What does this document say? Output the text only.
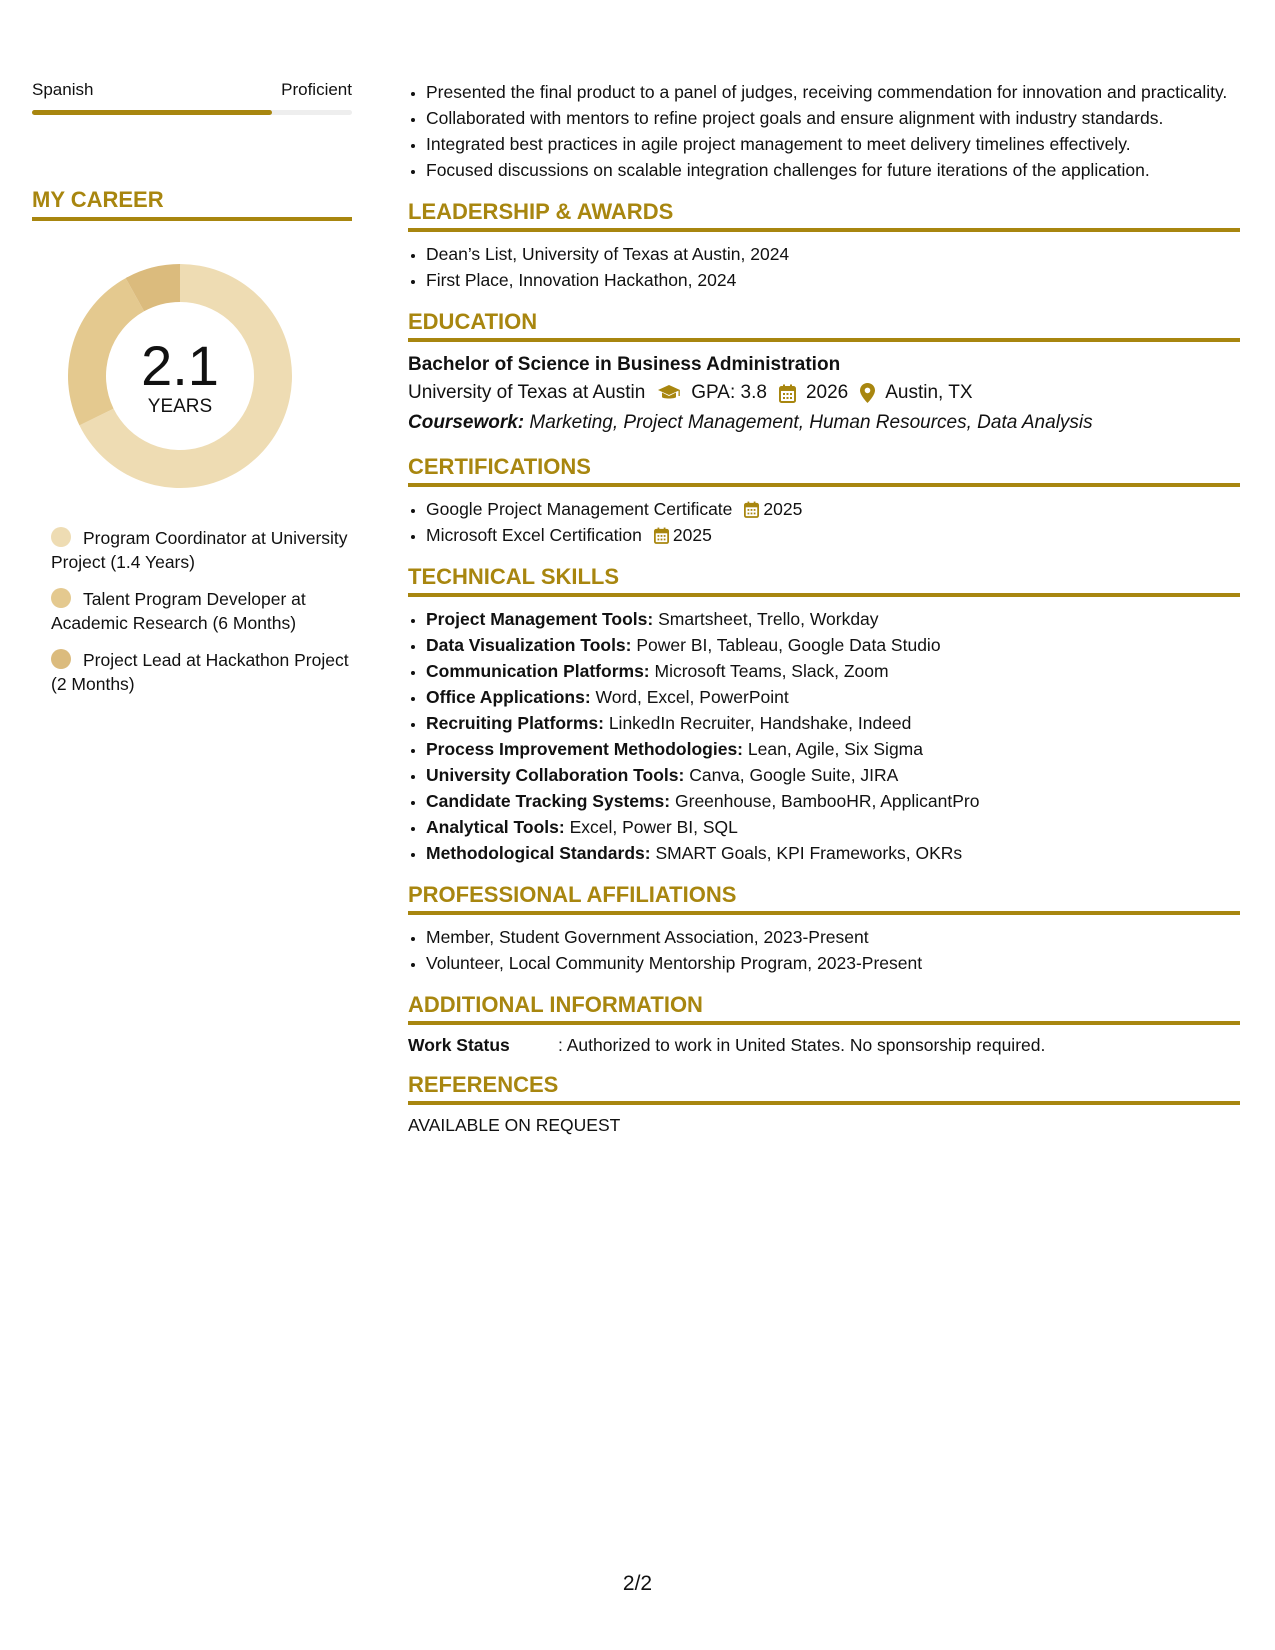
Spanish	Proficient
MY CAREER
2.1
YEARS
Program Coordinator at University Project (1.4 Years)
Talent Program Developer at Academic Research (6 Months)
Project Lead at Hackathon Project (2 Months)
• Presented the final product to a panel of judges, receiving commendation for innovation and practicality.
• Collaborated with mentors to refine project goals and ensure alignment with industry standards.
• Integrated best practices in agile project management to meet delivery timelines effectively.
• Focused discussions on scalable integration challenges for future iterations of the application.
LEADERSHIP & AWARDS
• Dean’s List, University of Texas at Austin, 2024
• First Place, Innovation Hackathon, 2024
EDUCATION
Bachelor of Science in Business Administration
University of Texas at Austin GPA: 3.8 2026 Austin, TX
Coursework: Marketing, Project Management, Human Resources, Data Analysis
CERTIFICATIONS
• Google Project Management Certificate 2025
• Microsoft Excel Certification 2025
TECHNICAL SKILLS
• Project Management Tools: Smartsheet, Trello, Workday
• Data Visualization Tools: Power BI, Tableau, Google Data Studio
• Communication Platforms: Microsoft Teams, Slack, Zoom
• Office Applications: Word, Excel, PowerPoint
• Recruiting Platforms: LinkedIn Recruiter, Handshake, Indeed
• Process Improvement Methodologies: Lean, Agile, Six Sigma
• University Collaboration Tools: Canva, Google Suite, JIRA
• Candidate Tracking Systems: Greenhouse, BambooHR, ApplicantPro
• Analytical Tools: Excel, Power BI, SQL
• Methodological Standards: SMART Goals, KPI Frameworks, OKRs
PROFESSIONAL AFFILIATIONS
• Member, Student Government Association, 2023-Present
• Volunteer, Local Community Mentorship Program, 2023-Present
ADDITIONAL INFORMATION
Work Status	: Authorized to work in United States. No sponsorship required.
REFERENCES
AVAILABLE ON REQUEST
2/2
